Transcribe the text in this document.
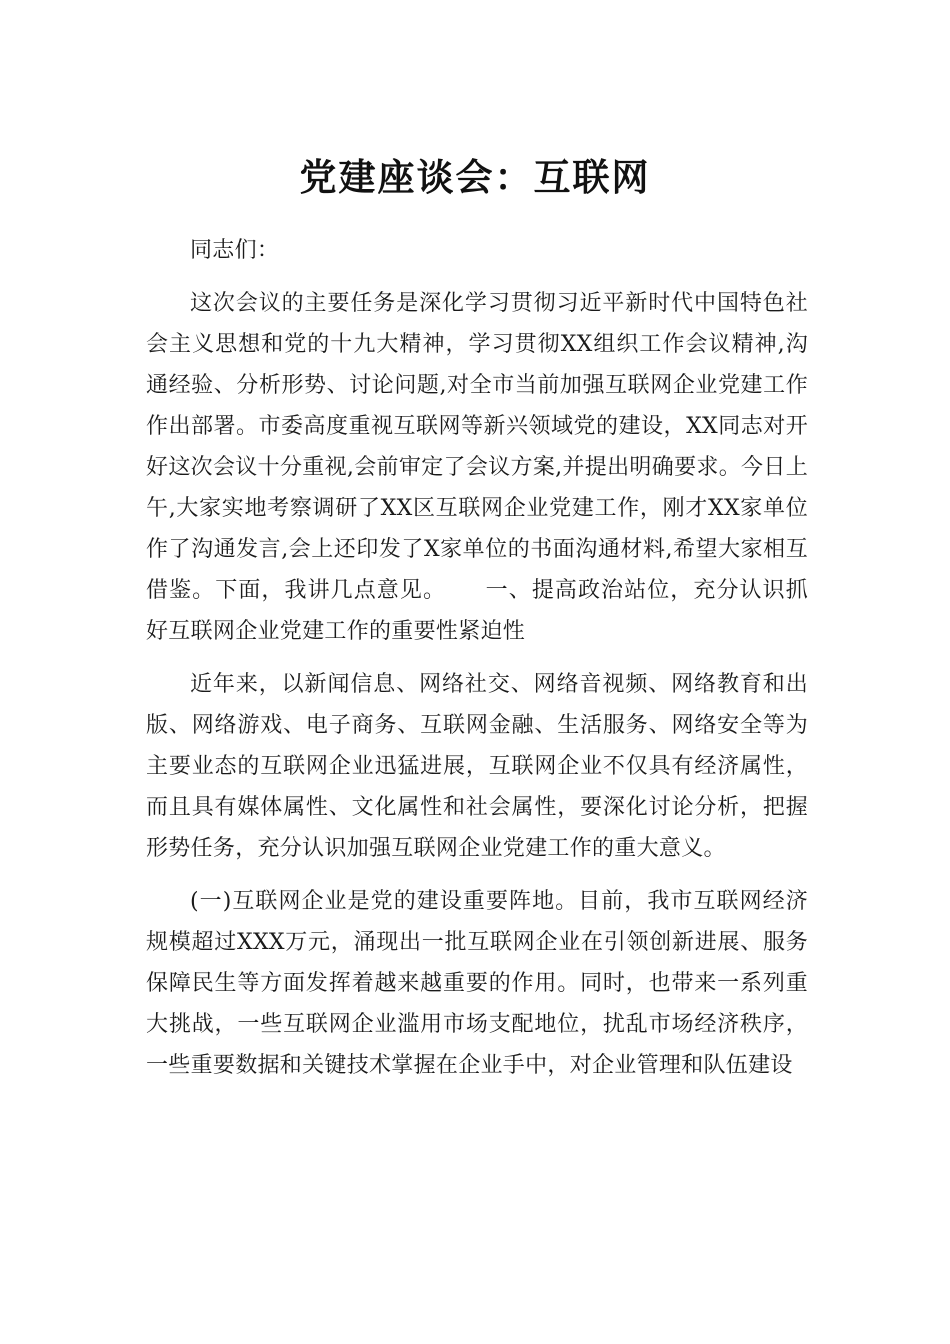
党建座谈会：互联网

同志们：

这次会议的主要任务是深化学习贯彻习近平新时代中国特色社会主义思想和党的十九大精神，学习贯彻XX组织工作会议精神,沟通经验、分析形势、讨论问题,对全市当前加强互联网企业党建工作作出部署。市委高度重视互联网等新兴领域党的建设，XX同志对开好这次会议十分重视,会前审定了会议方案,并提出明确要求。今日上午,大家实地考察调研了XX区互联网企业党建工作，刚才XX家单位作了沟通发言,会上还印发了X家单位的书面沟通材料,希望大家相互借鉴。下面，我讲几点意见。 一、提高政治站位，充分认识抓好互联网企业党建工作的重要性紧迫性

近年来，以新闻信息、网络社交、网络音视频、网络教育和出版、网络游戏、电子商务、互联网金融、生活服务、网络安全等为主要业态的互联网企业迅猛进展，互联网企业不仅具有经济属性，而且具有媒体属性、文化属性和社会属性，要深化讨论分析，把握形势任务，充分认识加强互联网企业党建工作的重大意义。

(一)互联网企业是党的建设重要阵地。目前，我市互联网经济规模超过XXX万元，涌现出一批互联网企业在引领创新进展、服务保障民生等方面发挥着越来越重要的作用。同时，也带来一系列重大挑战，一些互联网企业滥用市场支配地位，扰乱市场经济秩序，一些重要数据和关键技术掌握在企业手中，对企业管理和队伍建设
